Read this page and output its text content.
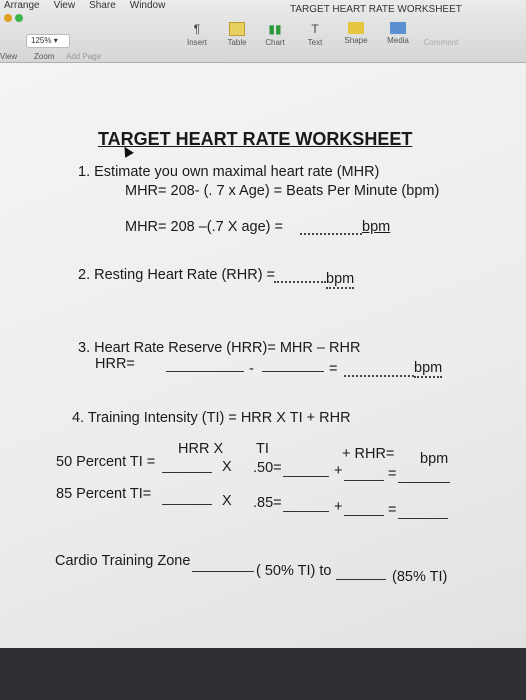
Arrange View Share Window	TARGET HEART RATE WORKSHEET
125% ▾
View Zoom Add Page
¶
Insert	Table
▮▮
Chart
T
Text	Shape	Media	Comment
TARGET HEART RATE WORKSHEET
1. Estimate you own maximal heart rate (MHR)
MHR= 208- (. 7 x Age) = Beats Per Minute (bpm)
MHR= 208 –(.7 X age) =	bpm
2. Resting Heart Rate (RHR) =	bpm
3. Heart Rate Reserve (HRR)= MHR – RHR
HRR=	-	=	bpm
4. Training Intensity (TI) = HRR X TI + RHR
HRR X TI	+ RHR= bpm
50 Percent TI =	X .50=	+	=
85 Percent TI=	X .85=	+	=
Cardio Training Zone
( 50% TI) to	(85% TI)
